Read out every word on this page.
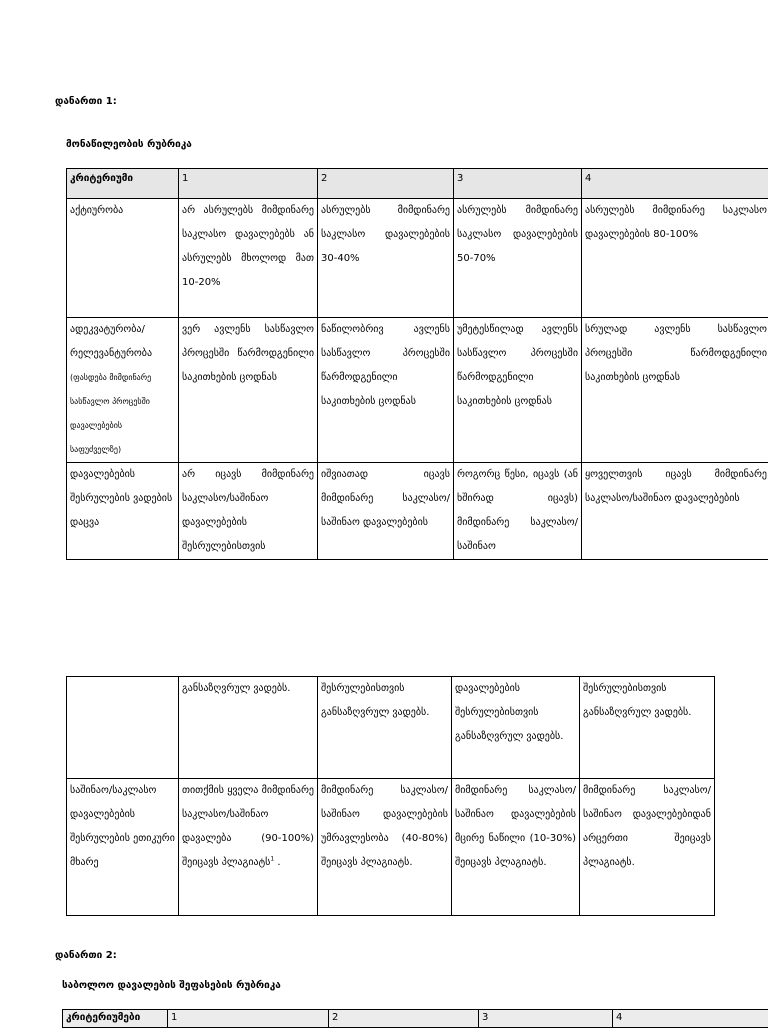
დანართი 1:
მონაწილეობის რუბრიკა
კრიტერიუმი	1	2	3	4
აქტიურობა	არ ასრულებს მიმდინარე საკლასო დავალებებს ან ასრულებს მხოლოდ მათ 10-20%	ასრულებს მიმდინარე საკლასო დავალებების 30-40%	ასრულებს მიმდინარე საკლასო დავალებების 50-70%	ასრულებს მიმდინარე საკლასო დავალებების 80-100%
ადეკვატურობა/ რელევანტურობა (ფასდება მიმდინარე სასწავლო პროცესში დავალებების საფუძველზე)	ვერ ავლენს სასწავლო პროცესში წარმოდგენილი საკითხების ცოდნას	ნაწილობრივ ავლენს სასწავლო პროცესში წარმოდგენილი საკითხების ცოდნას	უმეტესწილად ავლენს სასწავლო პროცესში წარმოდგენილი საკითხების ცოდნას	სრულად ავლენს სასწავლო პროცესში წარმოდგენილი საკითხების ცოდნას
დავალებების შესრულების ვადების დაცვა	არ იცავს მიმდინარე საკლასო/საშინაო დავალებების შესრულებისთვის	იშვიათად იცავს მიმდინარე საკლასო/საშინაო დავალებების	როგორც წესი, იცავს (ან ხშირად იცავს) მიმდინარე საკლასო/საშინაო	ყოველთვის იცავს მიმდინარე საკლასო/საშინაო დავალებების
	განსაზღვრულ ვადებს.	შესრულებისთვის განსაზღვრულ ვადებს.	დავალებების შესრულებისთვის განსაზღვრულ ვადებს.	შესრულებისთვის განსაზღვრულ ვადებს.
საშინაო/საკლასო დავალებების შესრულების ეთიკური მხარე	თითქმის ყველა მიმდინარე საკლასო/საშინაო დავალება (90-100%) შეიცავს პლაგიატს$^1$ .	მიმდინარე საკლასო/საშინაო დავალებების უმრავლესობა (40-80%) შეიცავს პლაგიატს.	მიმდინარე საკლასო/საშინაო დავალებების მცირე ნაწილი (10-30%) შეიცავს პლაგიატს.	მიმდინარე საკლასო/საშინაო დავალებებიდან არცერთი შეიცავს პლაგიატს.
დანართი 2:
საბოლოო დავალების შეფასების რუბრიკა
კრიტერიუმები	1	2	3	4
